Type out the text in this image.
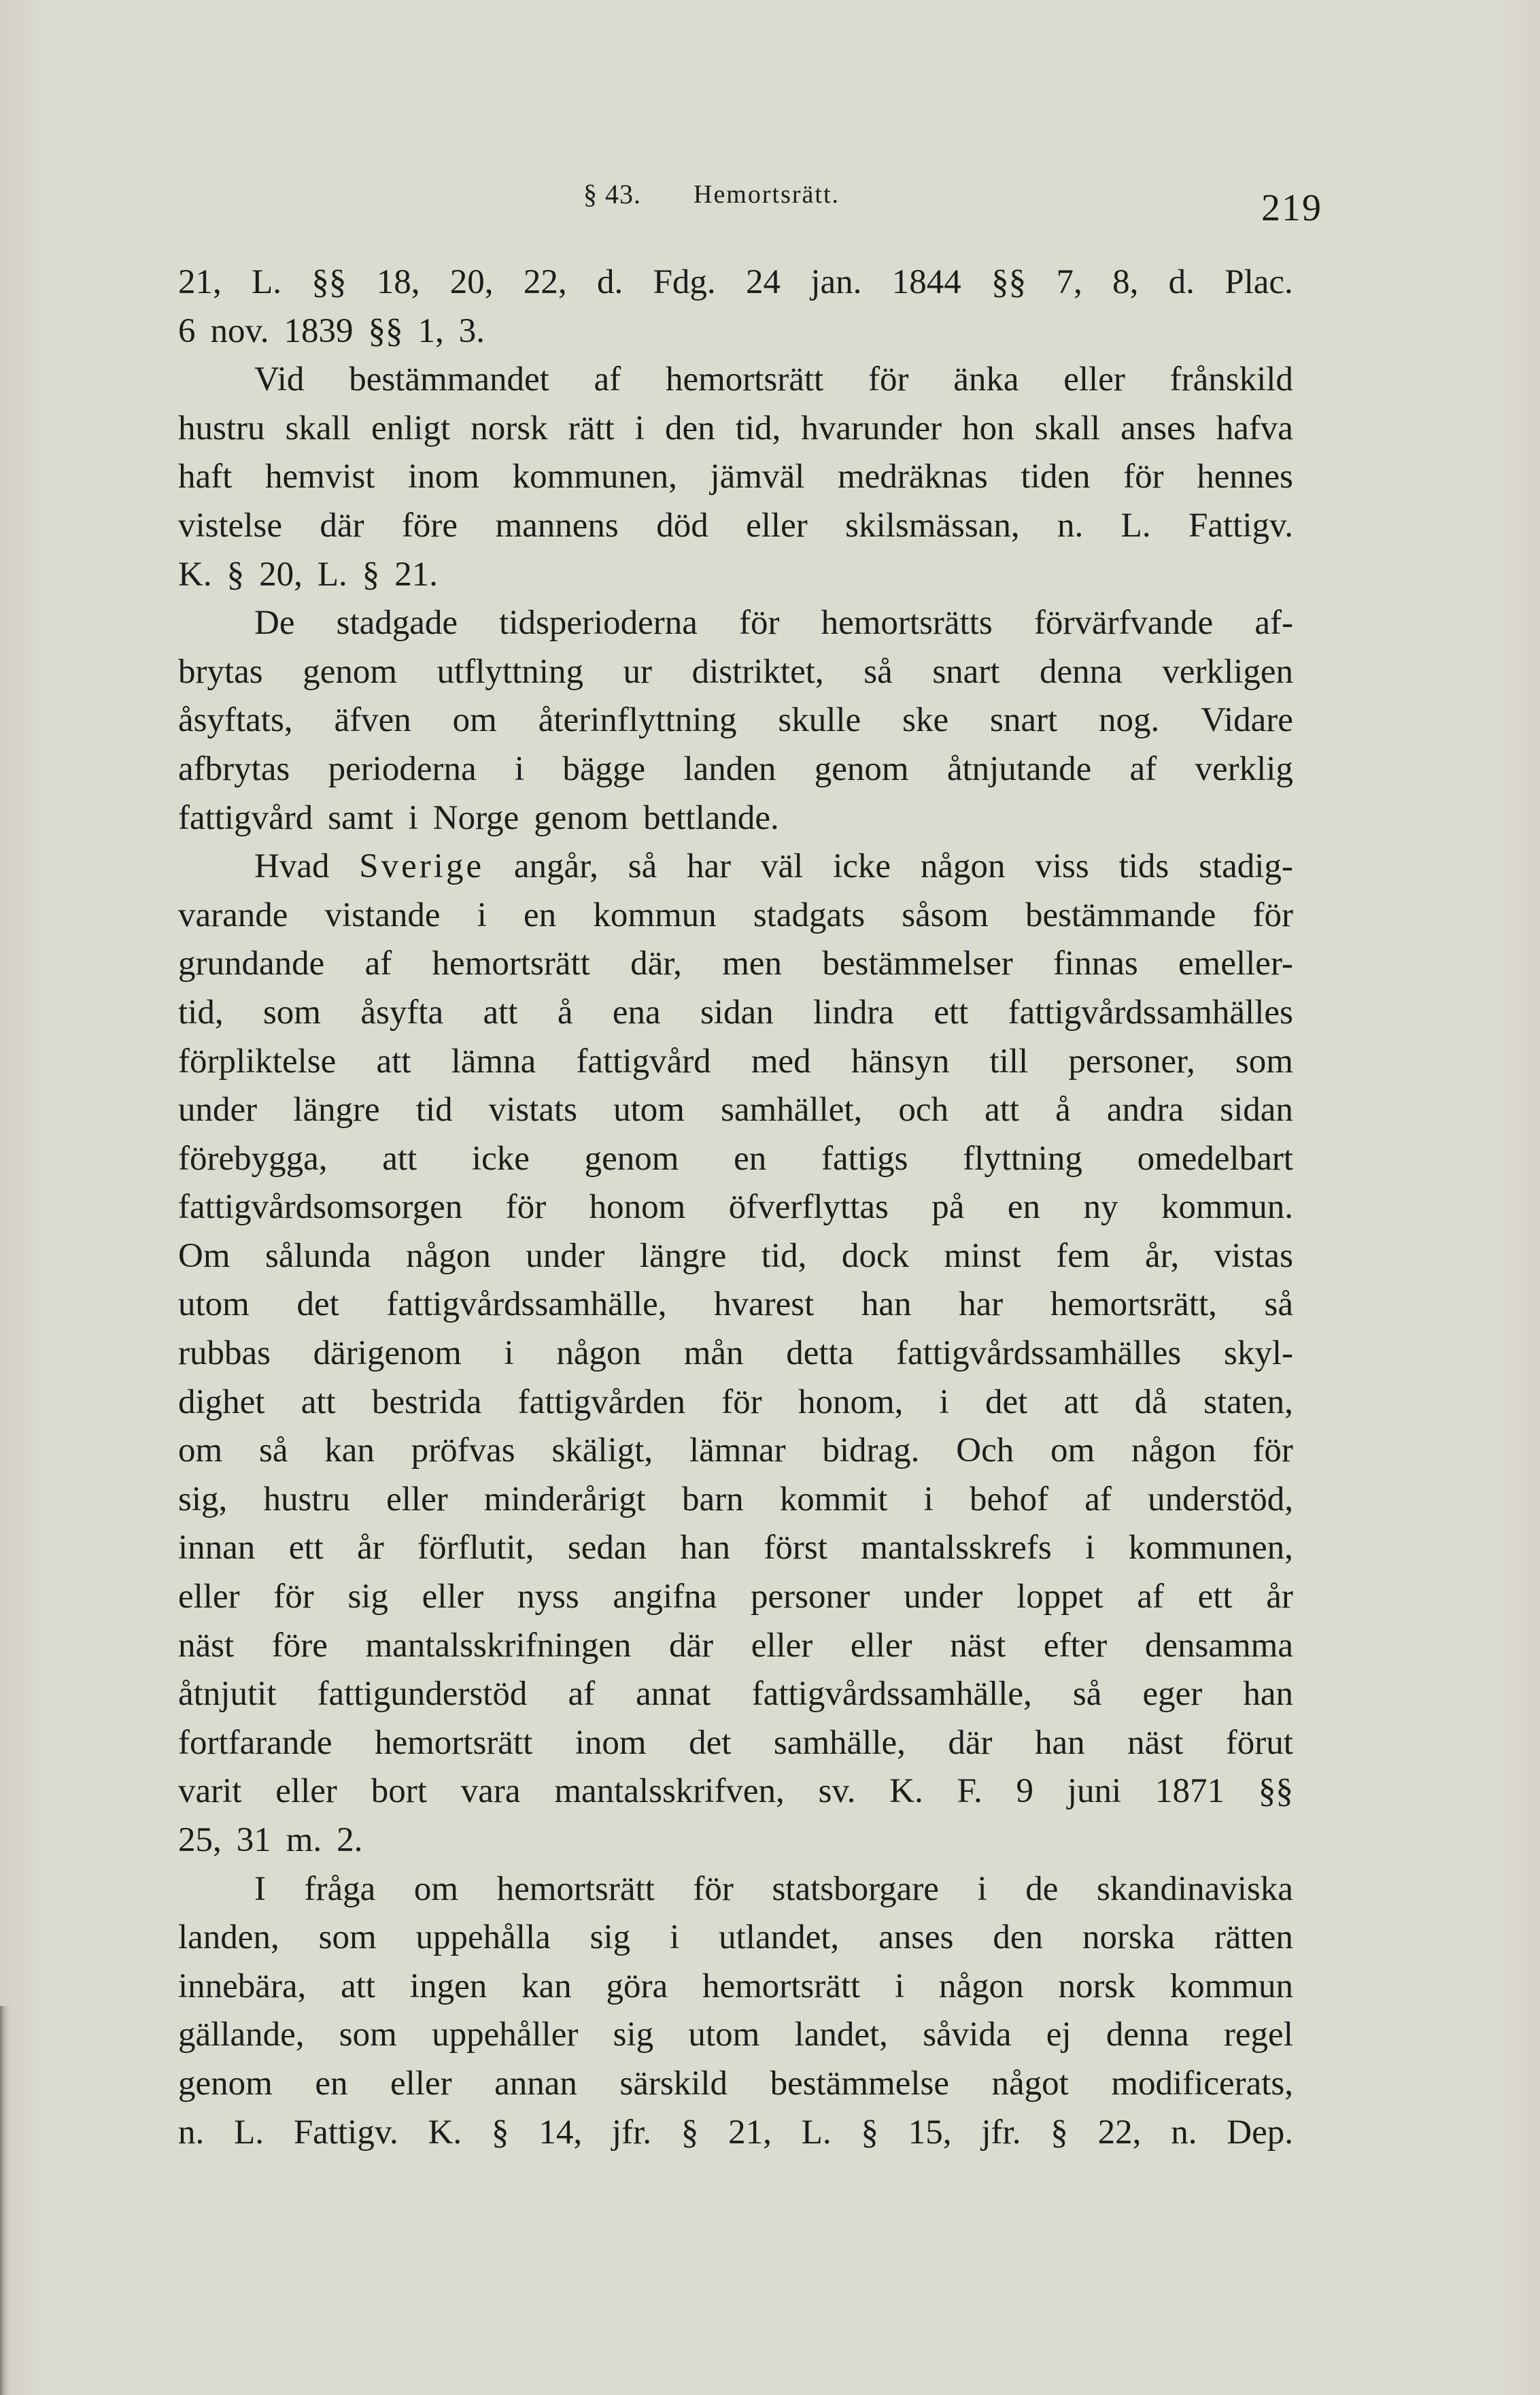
§ 43. Hemortsrätt.	219
21, L. §§ 18, 20, 22, d. Fdg. 24 jan. 1844 §§ 7, 8, d. Plac.
6 nov. 1839 §§ 1, 3.
Vid bestämmandet af hemortsrätt för änka eller frånskild
hustru skall enligt norsk rätt i den tid, hvarunder hon skall anses hafva
haft hemvist inom kommunen, jämväl medräknas tiden för hennes
vistelse där före mannens död eller skilsmässan, n. L. Fattigv.
K. § 20, L. § 21.
De stadgade tidsperioderna för hemortsrätts förvärfvande af-
brytas genom utflyttning ur distriktet, så snart denna verkligen
åsyftats, äfven om återinflyttning skulle ske snart nog. Vidare
afbrytas perioderna i bägge landen genom åtnjutande af verklig
fattigvård samt i Norge genom bettlande.
Hvad Sverige angår, så har väl icke någon viss tids stadig-
varande vistande i en kommun stadgats såsom bestämmande för
grundande af hemortsrätt där, men bestämmelser finnas emeller-
tid, som åsyfta att å ena sidan lindra ett fattigvårdssamhälles
förpliktelse att lämna fattigvård med hänsyn till personer, som
under längre tid vistats utom samhället, och att å andra sidan
förebygga, att icke genom en fattigs flyttning omedelbart
fattigvårdsomsorgen för honom öfverflyttas på en ny kommun.
Om sålunda någon under längre tid, dock minst fem år, vistas
utom det fattigvårdssamhälle, hvarest han har hemortsrätt, så
rubbas därigenom i någon mån detta fattigvårdssamhälles skyl-
dighet att bestrida fattigvården för honom, i det att då staten,
om så kan pröfvas skäligt, lämnar bidrag. Och om någon för
sig, hustru eller minderårigt barn kommit i behof af understöd,
innan ett år förflutit, sedan han först mantalsskrefs i kommunen,
eller för sig eller nyss angifna personer under loppet af ett år
näst före mantalsskrifningen där eller eller näst efter densamma
åtnjutit fattigunderstöd af annat fattigvårdssamhälle, så eger han
fortfarande hemortsrätt inom det samhälle, där han näst förut
varit eller bort vara mantalsskrifven, sv. K. F. 9 juni 1871 §§
25, 31 m. 2.
I fråga om hemortsrätt för statsborgare i de skandinaviska
landen, som uppehålla sig i utlandet, anses den norska rätten
innebära, att ingen kan göra hemortsrätt i någon norsk kommun
gällande, som uppehåller sig utom landet, såvida ej denna regel
genom en eller annan särskild bestämmelse något modificerats,
n. L. Fattigv. K. § 14, jfr. § 21, L. § 15, jfr. § 22, n. Dep.
